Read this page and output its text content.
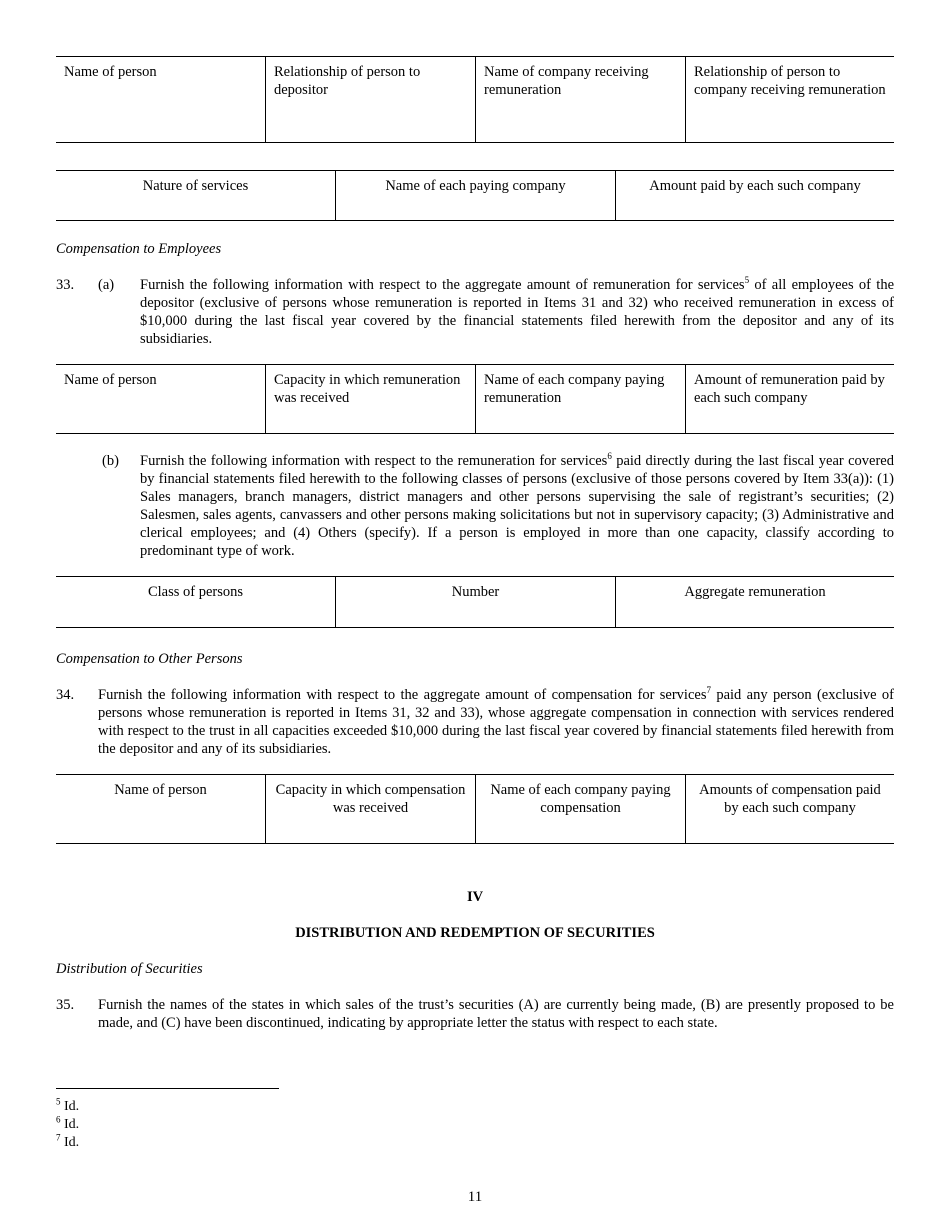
Name of person	Relationship of person to depositor	Name of company receiving remuneration	Relationship of person to company receiving remuneration
Nature of services	Name of each paying company	Amount paid by each such company
Compensation to Employees
33. (a) Furnish the following information with respect to the aggregate amount of remuneration for services$^5$ of all employees of the depositor (exclusive of persons whose remuneration is reported in Items 31 and 32) who received remuneration in excess of $10,000 during the last fiscal year covered by the financial statements filed herewith from the depositor and any of its subsidiaries.
Name of person	Capacity in which remuneration was received	Name of each company paying remuneration	Amount of remuneration paid by each such company
(b) Furnish the following information with respect to the remuneration for services$^6$ paid directly during the last fiscal year covered by financial statements filed herewith to the following classes of persons (exclusive of those persons covered by Item 33(a)): (1) Sales managers, branch managers, district managers and other persons supervising the sale of registrant’s securities; (2) Salesmen, sales agents, canvassers and other persons making solicitations but not in supervisory capacity; (3) Administrative and clerical employees; and (4) Others (specify). If a person is employed in more than one capacity, classify according to predominant type of work.
Class of persons	Number	Aggregate remuneration
Compensation to Other Persons
34. Furnish the following information with respect to the aggregate amount of compensation for services$^7$ paid any person (exclusive of persons whose remuneration is reported in Items 31, 32 and 33), whose aggregate compensation in connection with services rendered with respect to the trust in all capacities exceeded $10,000 during the last fiscal year covered by financial statements filed herewith from the depositor and any of its subsidiaries.
Name of person	Capacity in which compensation was received	Name of each company paying compensation	Amounts of compensation paid by each such company
IV
DISTRIBUTION AND REDEMPTION OF SECURITIES
Distribution of Securities
35. Furnish the names of the states in which sales of the trust’s securities (A) are currently being made, (B) are presently proposed to be made, and (C) have been discontinued, indicating by appropriate letter the status with respect to each state.
$^5$ Id.
$^6$ Id.
$^7$ Id.
11
